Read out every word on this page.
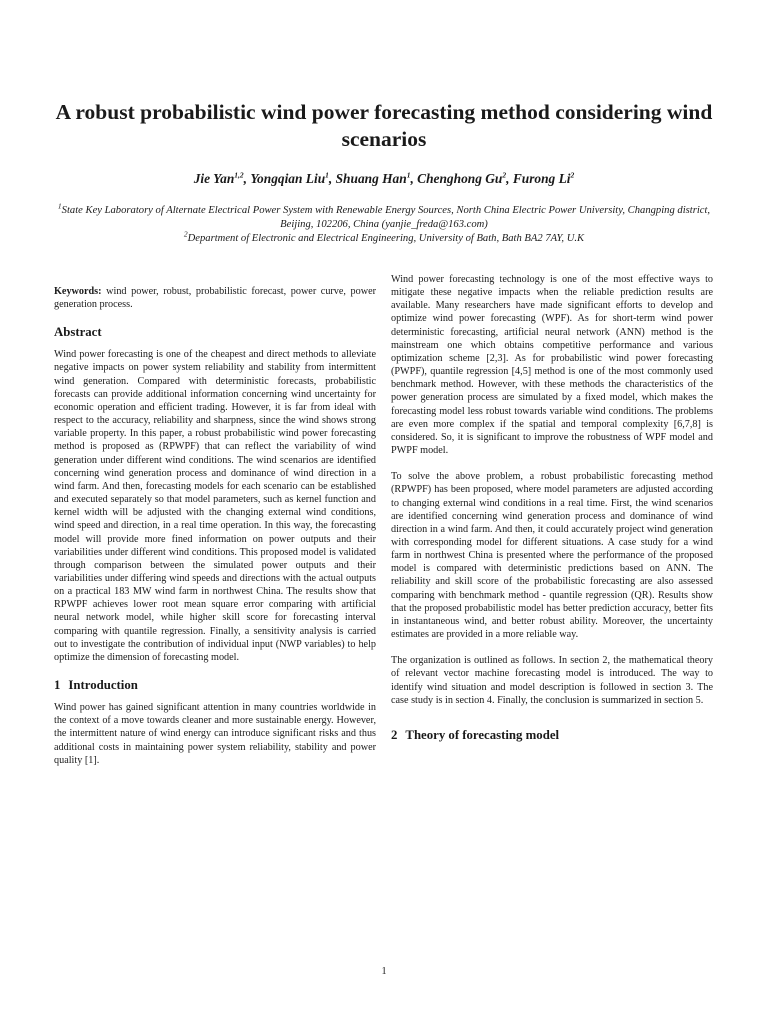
A robust probabilistic wind power forecasting method considering wind scenarios
Jie Yan$^{1,2}$, Yongqian Liu$^1$, Shuang Han$^1$, Chenghong Gu$^2$, Furong Li$^2$
$^1$State Key Laboratory of Alternate Electrical Power System with Renewable Energy Sources, North China Electric Power University, Changping district, Beijing, 102206, China (yanjie_freda@163.com)
$^2$Department of Electronic and Electrical Engineering, University of Bath, Bath BA2 7AY, U.K

Keywords: wind power, robust, probabilistic forecast, power curve, power generation process.

Abstract

Wind power forecasting is one of the cheapest and direct methods to alleviate negative impacts on power system reliability and stability from intermittent wind generation. Compared with deterministic forecasts, probabilistic forecasts can provide additional information concerning wind uncertainty for economic operation and efficient trading. However, it is far from ideal with respect to the accuracy, reliability and sharpness, since the wind shows strong variable property. In this paper, a robust probabilistic wind power forecasting method is proposed as (RPWPF) that can reflect the variability of wind generation under different wind conditions. The wind scenarios are identified concerning wind generation process and dominance of wind direction in a wind farm. And then, forecasting models for each scenario can be established and executed separately so that model parameters, such as kernel function and kernel width will be adjusted with the changing external wind conditions, wind speed and direction, in a real time operation. In this way, the forecasting model will provide more fined information on power outputs and their variabilities under different wind conditions. This proposed model is validated through comparison between the simulated power outputs and their variabilities under differing wind speeds and directions with the actual outputs on a practical 183 MW wind farm in northwest China. The results show that RPWPF achieves lower root mean square error comparing with artificial neural network model, while higher skill score for forecasting interval comparing with quantile regression. Finally, a sensitivity analysis is carried out to investigate the contribution of individual input (NWP variables) to help optimize the dimension of forecasting model.

1 Introduction

Wind power has gained significant attention in many countries worldwide in the context of a move towards cleaner and more sustainable energy. However, the intermittent nature of wind energy can introduce significant risks and thus additional costs in maintaining power system reliability, stability and power quality [1].

Wind power forecasting technology is one of the most effective ways to mitigate these negative impacts when the reliable prediction results are available. Many researchers have made significant efforts to develop and optimize wind power forecasting (WPF). As for short-term wind power deterministic forecasting, artificial neural network (ANN) method is the mainstream one which obtains competitive performance and various optimization scheme [2,3]. As for probabilistic wind power forecasting (PWPF), quantile regression [4,5] method is one of the most commonly used benchmark method. However, with these methods the characteristics of the power generation process are simulated by a fixed model, which makes the forecasting model less robust towards variable wind conditions. The problems are even more complex if the spatial and temporal complexity [6,7,8] is considered. So, it is significant to improve the robustness of WPF model and PWPF model.

To solve the above problem, a robust probabilistic forecasting method (RPWPF) has been proposed, where model parameters are adjusted according to changing external wind conditions in a real time. First, the wind scenarios are identified concerning wind generation process and dominance of wind direction in a wind farm. And then, it could accurately project wind generation with corresponding model for different situations. A case study for a wind farm in northwest China is presented where the performance of the proposed model is compared with deterministic predictions based on ANN. The reliability and skill score of the probabilistic forecasting are also assessed comparing with benchmark method - quantile regression (QR). Results show that the proposed probabilistic model has better prediction accuracy, better fits in instantaneous wind, and better robust ability. Moreover, the uncertainty estimates are provided in a more reliable way.

The organization is outlined as follows. In section 2, the mathematical theory of relevant vector machine forecasting model is introduced. The way to identify wind situation and model description is followed in section 3. The case study is in section 4. Finally, the conclusion is summarized in section 5.

2 Theory of forecasting model
1
